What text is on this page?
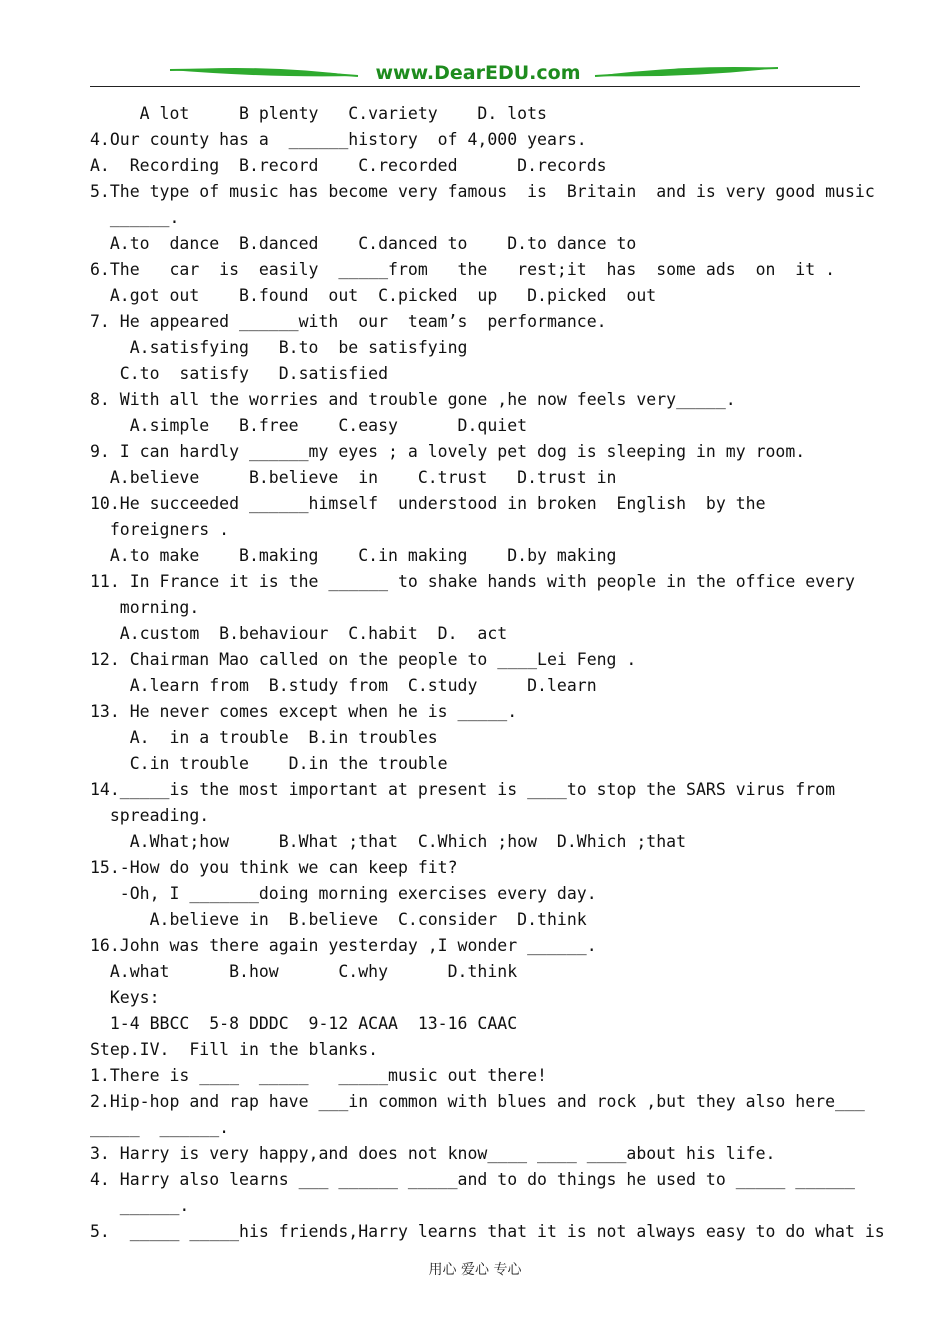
www.DearEDU.com
A lot     B plenty   C.variety    D. lots
4.Our county has a  ______history  of 4,000 years.
A.  Recording  B.record    C.recorded      D.records
5.The type of music has become very famous  is  Britain  and is very good music
______.
A.to  dance  B.danced    C.danced to    D.to dance to
6.The   car  is  easily  _____from   the   rest;it  has  some ads  on  it .
A.got out    B.found  out  C.picked  up   D.picked  out
7. He appeared ______with  our  team’s  performance.
A.satisfying   B.to  be satisfying
C.to  satisfy   D.satisfied
8. With all the worries and trouble gone ,he now feels very_____.
A.simple   B.free    C.easy      D.quiet
9. I can hardly ______my eyes ; a lovely pet dog is sleeping in my room.
A.believe     B.believe  in    C.trust   D.trust in
10.He succeeded ______himself  understood in broken  English  by the
foreigners .
A.to make    B.making    C.in making    D.by making
11. In France it is the ______ to shake hands with people in the office every
morning.
A.custom  B.behaviour  C.habit  D.  act
12. Chairman Mao called on the people to ____Lei Feng .
A.learn from  B.study from  C.study     D.learn
13. He never comes except when he is _____.
A.  in a trouble  B.in troubles
C.in trouble    D.in the trouble
14._____is the most important at present is ____to stop the SARS virus from
spreading.
A.What;how     B.What ;that  C.Which ;how  D.Which ;that
15.-How do you think we can keep fit?
-Oh, I _______doing morning exercises every day.
A.believe in  B.believe  C.consider  D.think
16.John was there again yesterday ,I wonder ______.
A.what      B.how      C.why      D.think
Keys:
1-4 BBCC  5-8 DDDC  9-12 ACAA  13-16 CAAC
Step.IV.  Fill in the blanks.
1.There is ____  _____   _____music out there!
2.Hip-hop and rap have ___in common with blues and rock ,but they also here___
_____  ______.
3. Harry is very happy,and does not know____ ____ ____about his life.
4. Harry also learns ___ ______ _____and to do things he used to _____ ______
______.
5.  _____ _____his friends,Harry learns that it is not always easy to do what is
用心 爱心 专心
